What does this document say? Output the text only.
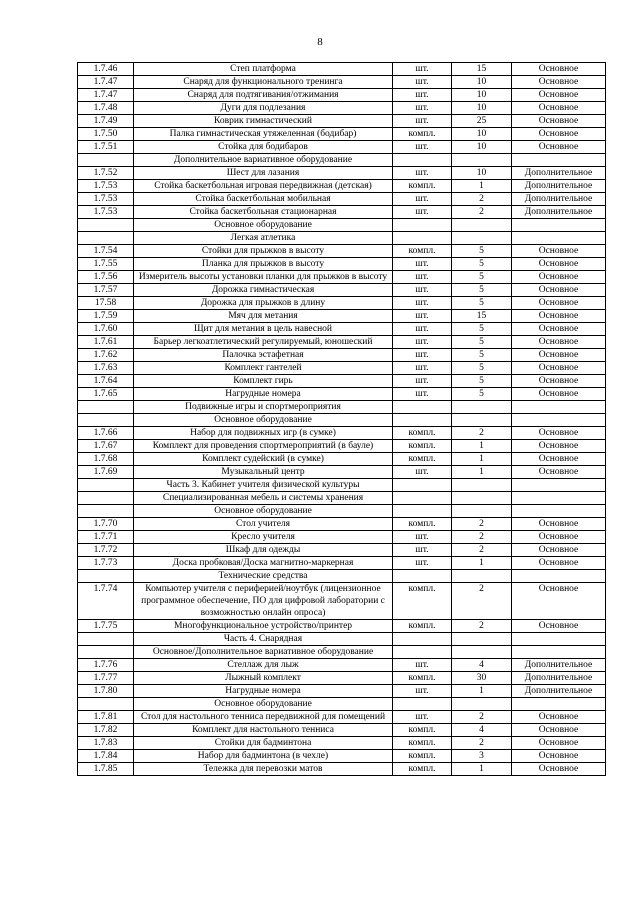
8
1.7.46	Степ платформа	шт.	15	Основное
1.7.47	Снаряд для функционального тренинга	шт.	10	Основное
1.7.47	Снаряд для подтягивания/отжимания	шт.	10	Основное
1.7.48	Дуги для подлезания	шт.	10	Основное
1.7.49	Коврик гимнастический	шт.	25	Основное
1.7.50	Палка гимнастическая утяжеленная (бодибар)	компл.	10	Основное
1.7.51	Стойка для бодибаров	шт.	10	Основное
	Дополнительное вариативное оборудование			
1.7.52	Шест для лазания	шт.	10	Дополнительное
1.7.53	Стойка баскетбольная игровая передвижная (детская)	компл.	1	Дополнительное
1.7.53	Стойка баскетбольная мобильная	шт.	2	Дополнительное
1.7.53	Стойка баскетбольная стационарная	шт.	2	Дополнительное
	Основное оборудование			
	Легкая атлетика			
1.7.54	Стойки для прыжков в высоту	компл.	5	Основное
1.7.55	Планка для прыжков в высоту	шт.	5	Основное
1.7.56	Измеритель высоты установки планки для прыжков в высоту	шт.	5	Основное
1.7.57	Дорожка гимнастическая	шт.	5	Основное
17.58	Дорожка для прыжков в длину	шт.	5	Основное
1.7.59	Мяч для метания	шт.	15	Основное
1.7.60	Щит для метания в цель навесной	шт.	5	Основное
1.7.61	Барьер легкоатлетический регулируемый, юношеский	шт.	5	Основное
1.7.62	Палочка эстафетная	шт.	5	Основное
1.7.63	Комплект гантелей	шт.	5	Основное
1.7.64	Комплект гирь	шт.	5	Основное
1.7.65	Нагрудные номера	шт.	5	Основное
	Подвижные игры и спортмероприятия			
	Основное оборудование			
1.7.66	Набор для подвижных игр (в сумке)	компл.	2	Основное
1.7.67	Комплект для проведения спортмероприятий (в бауле)	компл.	1	Основное
1.7.68	Комплект судейский (в сумке)	компл.	1	Основное
1.7.69	Музыкальный центр	шт.	1	Основное
	Часть 3. Кабинет учителя физической культуры			
	Специализированная мебель и системы хранения			
	Основное оборудование			
1.7.70	Стол учителя	компл.	2	Основное
1.7.71	Кресло учителя	шт.	2	Основное
1.7.72	Шкаф для одежды	шт.	2	Основное
1.7.73	Доска пробковая/Доска магнитно-маркерная	шт.	1	Основное
	Технические средства			
1.7.74	Компьютер учителя с периферией/ноутбук (лицензионное программное обеспечение, ПО для цифровой лаборатории с возможностью онлайн опроса)	компл.	2	Основное
1.7.75	Многофункциональное устройство/принтер	компл.	2	Основное
	Часть 4. Снарядная			
	Основное/Дополнительное вариативное оборудование			
1.7.76	Стеллаж для лыж	шт.	4	Дополнительное
1.7.77	Лыжный комплект	компл.	30	Дополнительное
1.7.80	Нагрудные номера	шт.	1	Дополнительное
	Основное оборудование			
1.7.81	Стол для настольного тенниса передвижной для помещений	шт.	2	Основное
1.7.82	Комплект для настольного тенниса	компл.	4	Основное
1.7.83	Стойки для бадминтона	компл.	2	Основное
1.7.84	Набор для бадминтона (в чехле)	компл.	3	Основное
1.7.85	Тележка для перевозки матов	компл.	1	Основное
